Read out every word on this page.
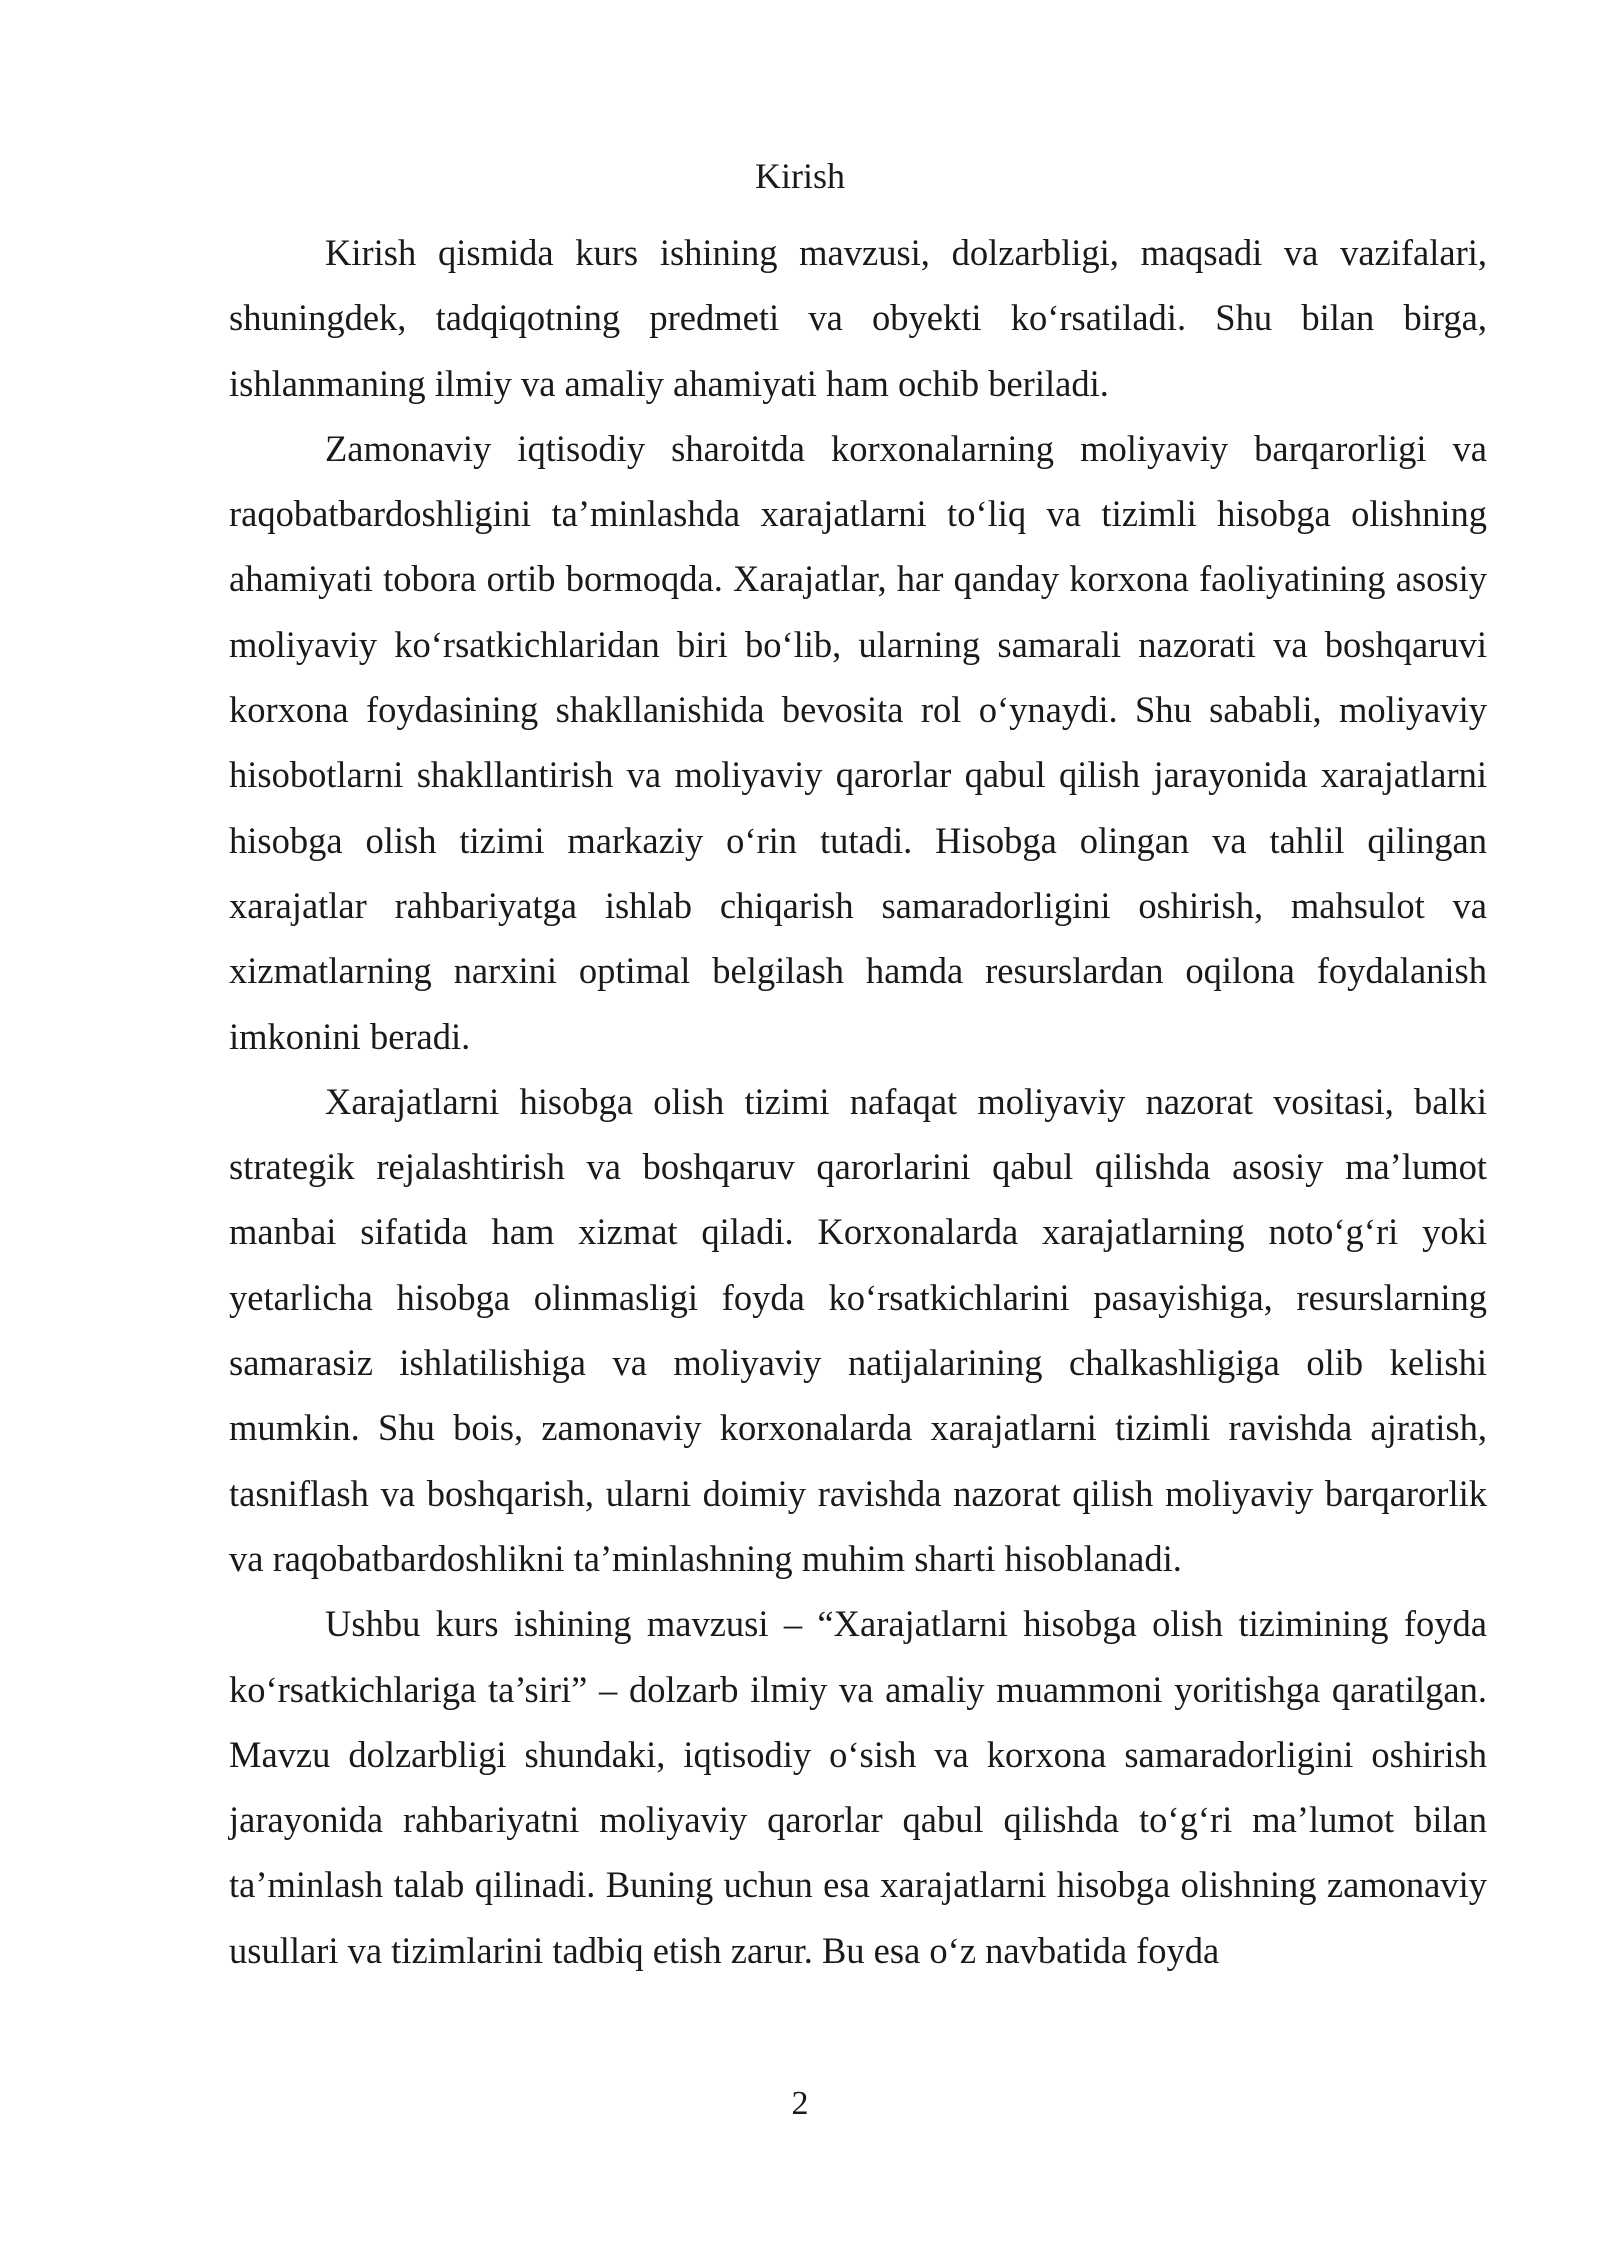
Kirish

Kirish qismida kurs ishining mavzusi, dolzarbligi, maqsadi va vazifalari, shuningdek, tadqiqotning predmeti va obyekti ko‘rsatiladi. Shu bilan birga, ishlanmaning ilmiy va amaliy ahamiyati ham ochib beriladi.

Zamonaviy iqtisodiy sharoitda korxonalarning moliyaviy barqarorligi va raqobatbardoshligini ta’minlashda xarajatlarni to‘liq va tizimli hisobga olishning ahamiyati tobora ortib bormoqda. Xarajatlar, har qanday korxona faoliyatining asosiy moliyaviy ko‘rsatkichlaridan biri bo‘lib, ularning samarali nazorati va boshqaruvi korxona foydasining shakllanishida bevosita rol o‘ynaydi. Shu sababli, moliyaviy hisobotlarni shakllantirish va moliyaviy qarorlar qabul qilish jarayonida xarajatlarni hisobga olish tizimi markaziy o‘rin tutadi. Hisobga olingan va tahlil qilingan xarajatlar rahbariyatga ishlab chiqarish samaradorligini oshirish, mahsulot va xizmatlarning narxini optimal belgilash hamda resurslardan oqilona foydalanish imkonini beradi.

Xarajatlarni hisobga olish tizimi nafaqat moliyaviy nazorat vositasi, balki strategik rejalashtirish va boshqaruv qarorlarini qabul qilishda asosiy ma’lumot manbai sifatida ham xizmat qiladi. Korxonalarda xarajatlarning noto‘g‘ri yoki yetarlicha hisobga olinmasligi foyda ko‘rsatkichlarini pasayishiga, resurslarning samarasiz ishlatilishiga va moliyaviy natijalarining chalkashligiga olib kelishi mumkin. Shu bois, zamonaviy korxonalarda xarajatlarni tizimli ravishda ajratish, tasniflash va boshqarish, ularni doimiy ravishda nazorat qilish moliyaviy barqarorlik va raqobatbardoshlikni ta’minlashning muhim sharti hisoblanadi.

Ushbu kurs ishining mavzusi – “Xarajatlarni hisobga olish tizimining foyda ko‘rsatkichlariga ta’siri” – dolzarb ilmiy va amaliy muammoni yoritishga qaratilgan. Mavzu dolzarbligi shundaki, iqtisodiy o‘sish va korxona samaradorligini oshirish jarayonida rahbariyatni moliyaviy qarorlar qabul qilishda to‘g‘ri ma’lumot bilan ta’minlash talab qilinadi. Buning uchun esa xarajatlarni hisobga olishning zamonaviy usullari va tizimlarini tadbiq etish zarur. Bu esa o‘z navbatida foyda

2
